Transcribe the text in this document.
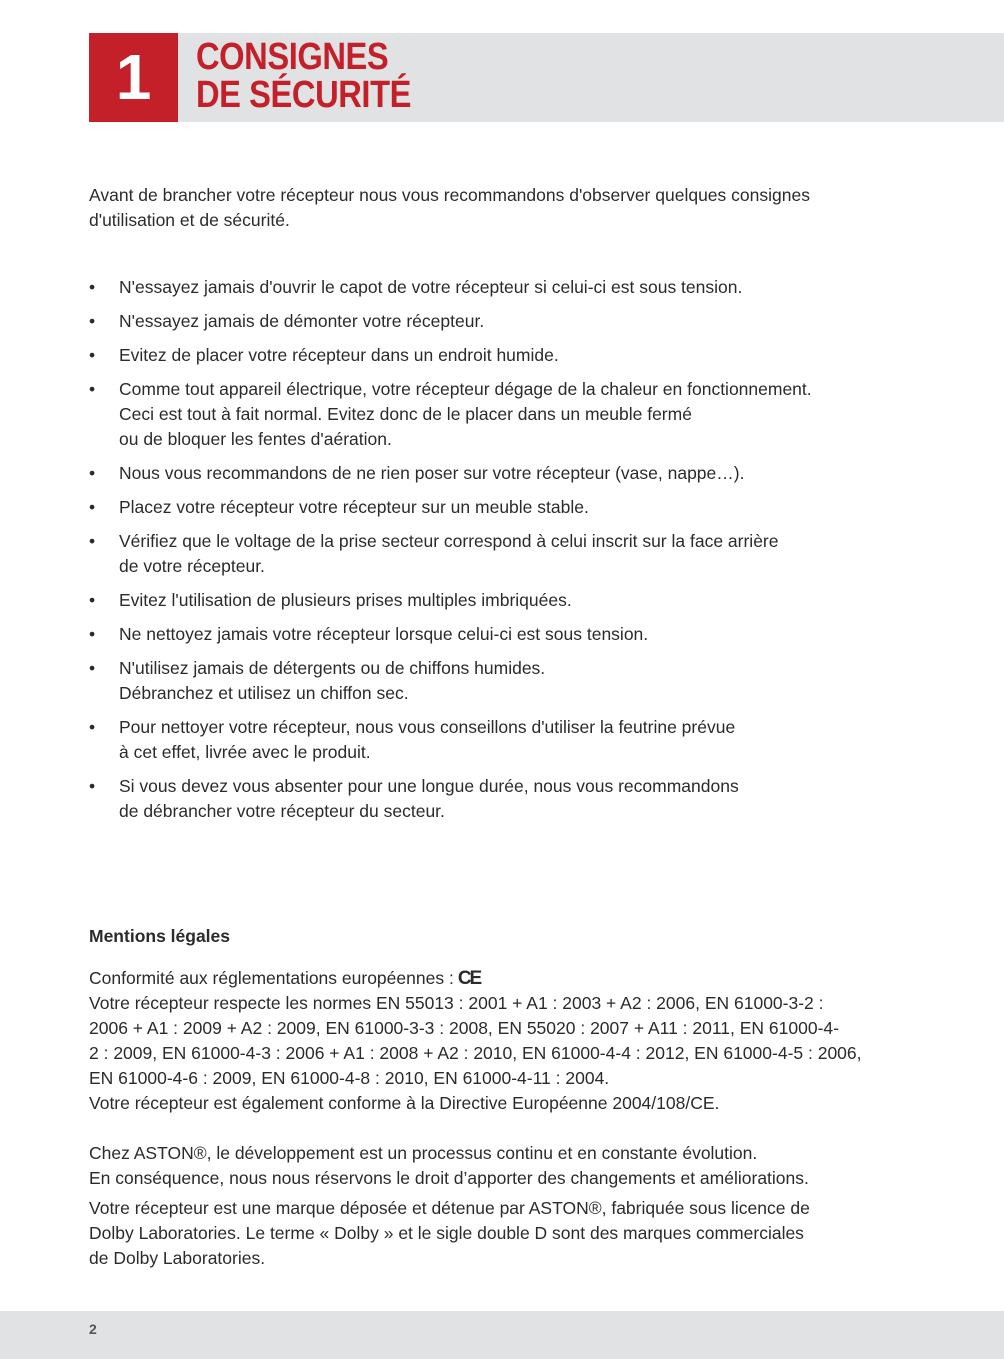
1	CONSIGNES
DE SÉCURITÉ
Avant de brancher votre récepteur nous vous recommandons d'observer quelques consignes
d'utilisation et de sécurité.
• N'essayez jamais d'ouvrir le capot de votre récepteur si celui-ci est sous tension.
• N'essayez jamais de démonter votre récepteur.
• Evitez de placer votre récepteur dans un endroit humide.
• Comme tout appareil électrique, votre récepteur dégage de la chaleur en fonctionnement.
Ceci est tout à fait normal. Evitez donc de le placer dans un meuble fermé
ou de bloquer les fentes d'aération.
• Nous vous recommandons de ne rien poser sur votre récepteur (vase, nappe…).
• Placez votre récepteur votre récepteur sur un meuble stable.
• Vérifiez que le voltage de la prise secteur correspond à celui inscrit sur la face arrière
de votre récepteur.
• Evitez l'utilisation de plusieurs prises multiples imbriquées.
• Ne nettoyez jamais votre récepteur lorsque celui-ci est sous tension.
• N'utilisez jamais de détergents ou de chiffons humides.
Débranchez et utilisez un chiffon sec.
• Pour nettoyer votre récepteur, nous vous conseillons d'utiliser la feutrine prévue
à cet effet, livrée avec le produit.
• Si vous devez vous absenter pour une longue durée, nous vous recommandons
de débrancher votre récepteur du secteur.
Mentions légales
Conformité aux réglementations européennes : CE
Votre récepteur respecte les normes EN 55013 : 2001 + A1 : 2003 + A2 : 2006, EN 61000-3-2 :
2006 + A1 : 2009 + A2 : 2009, EN 61000-3-3 : 2008, EN 55020 : 2007 + A11 : 2011, EN 61000-4-
2 : 2009, EN 61000-4-3 : 2006 + A1 : 2008 + A2 : 2010, EN 61000-4-4 : 2012, EN 61000-4-5 : 2006,
EN 61000-4-6 : 2009, EN 61000-4-8 : 2010, EN 61000-4-11 : 2004.
Votre récepteur est également conforme à la Directive Européenne 2004/108/CE.
Chez ASTON®, le développement est un processus continu et en constante évolution.
En conséquence, nous nous réservons le droit d’apporter des changements et améliorations.
Votre récepteur est une marque déposée et détenue par ASTON®, fabriquée sous licence de
Dolby Laboratories. Le terme « Dolby » et le sigle double D sont des marques commerciales
de Dolby Laboratories.
2
